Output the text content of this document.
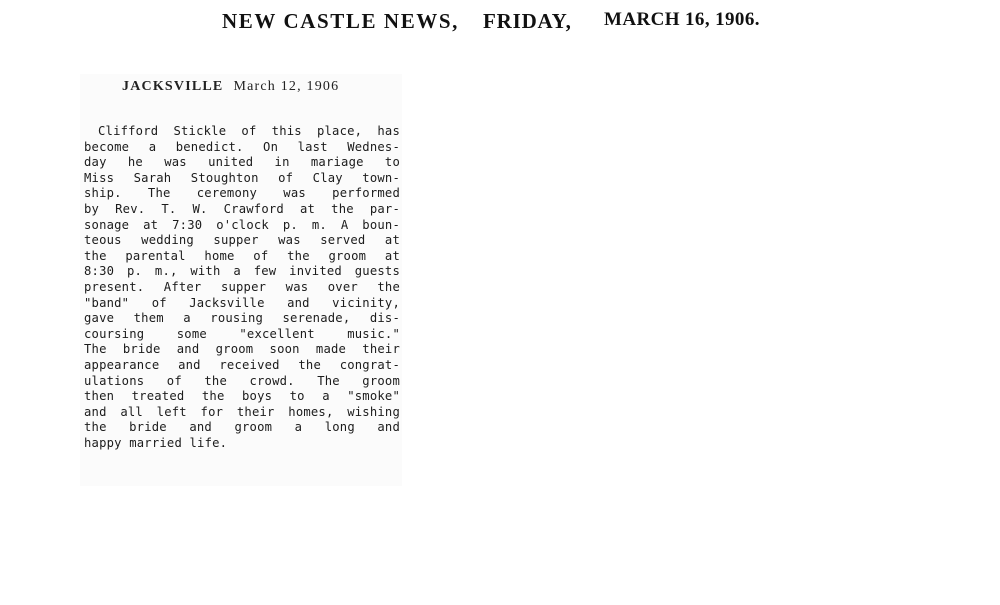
NEW CASTLE NEWS, FRIDAY, MARCH 16, 1906.
JACKSVILLE March 12, 1906
Clifford Stickle of this place, has
become a benedict. On last Wednes-
day he was united in mariage to
Miss Sarah Stoughton of Clay town-
ship. The ceremony was performed
by Rev. T. W. Crawford at the par-
sonage at 7:30 o'clock p. m. A boun-
teous wedding supper was served at
the parental home of the groom at
8:30 p. m., with a few invited guests
present. After supper was over the
"band" of Jacksville and vicinity,
gave them a rousing serenade, dis-
coursing some "excellent music."
The bride and groom soon made their
appearance and received the congrat-
ulations of the crowd. The groom
then treated the boys to a "smoke"
and all left for their homes, wishing
the bride and groom a long and
happy married life.
